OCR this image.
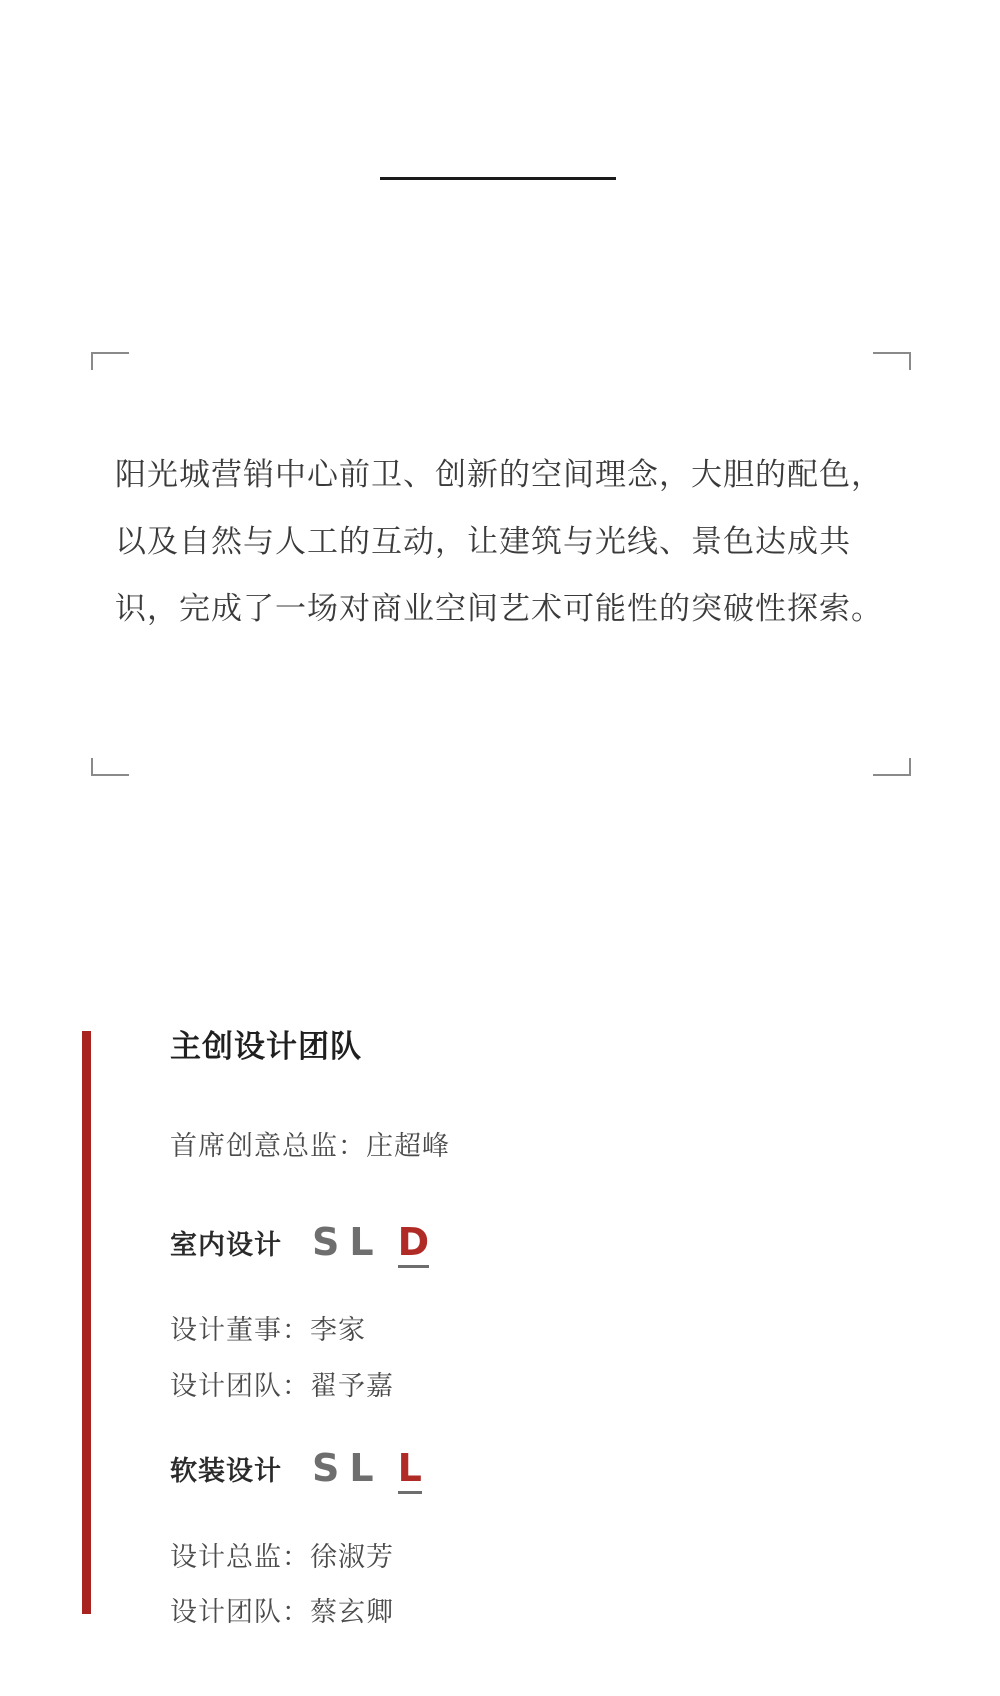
阳光城营销中心前卫、创新的空间理念，大胆的配色，以及自然与人工的互动，让建筑与光线、景色达成共识，完成了一场对商业空间艺术可能性的突破性探索。

主创设计团队

首席创意总监：庄超峰

室内设计 SL D

设计董事：李家

设计团队：翟予嘉

软装设计 SL L

设计总监：徐淑芳

设计团队：蔡玄卿
